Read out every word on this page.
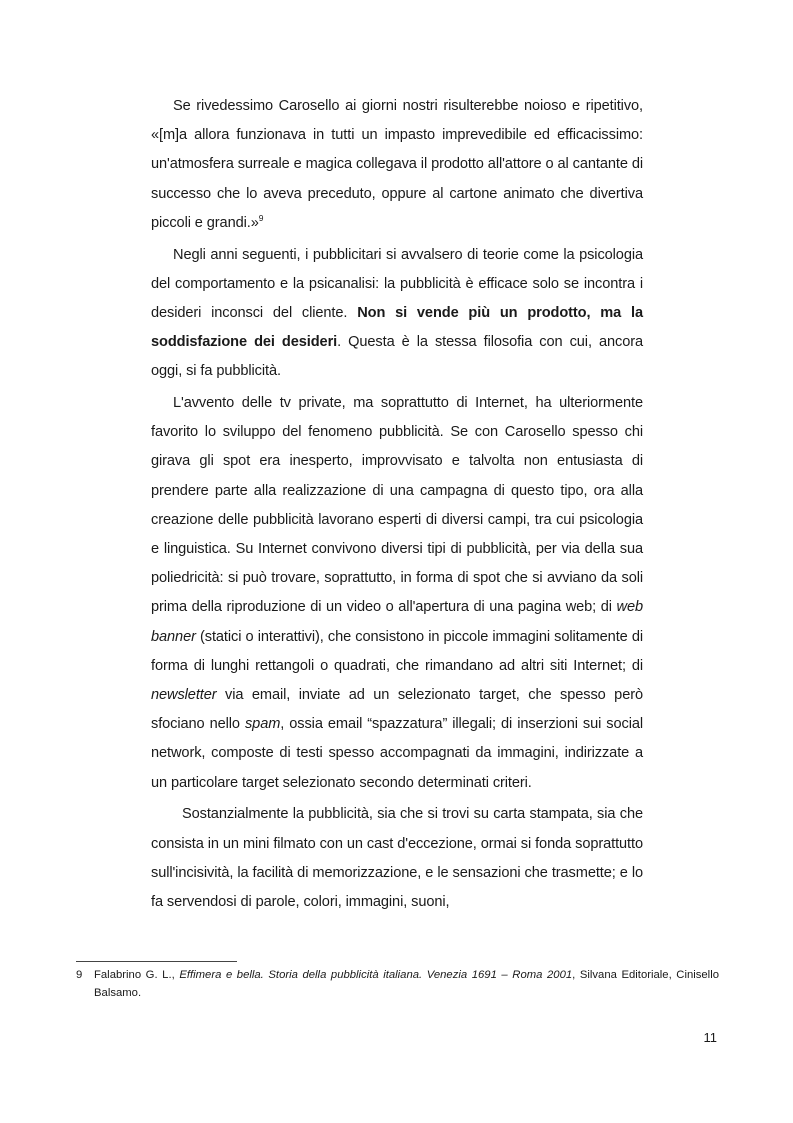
Se rivedessimo Carosello ai giorni nostri risulterebbe noioso e ripetitivo, «[m]a allora funzionava in tutti un impasto imprevedibile ed efficacissimo: un'atmosfera surreale e magica collegava il prodotto all'attore o al cantante di successo che lo aveva preceduto, oppure al cartone animato che divertiva piccoli e grandi.»$^9$

Negli anni seguenti, i pubblicitari si avvalsero di teorie come la psicologia del comportamento e la psicanalisi: la pubblicità è efficace solo se incontra i desideri inconsci del cliente. Non si vende più un prodotto, ma la soddisfazione dei desideri. Questa è la stessa filosofia con cui, ancora oggi, si fa pubblicità.

L'avvento delle tv private, ma soprattutto di Internet, ha ulteriormente favorito lo sviluppo del fenomeno pubblicità. Se con Carosello spesso chi girava gli spot era inesperto, improvvisato e talvolta non entusiasta di prendere parte alla realizzazione di una campagna di questo tipo, ora alla creazione delle pubblicità lavorano esperti di diversi campi, tra cui psicologia e linguistica. Su Internet convivono diversi tipi di pubblicità, per via della sua poliedricità: si può trovare, soprattutto, in forma di spot che si avviano da soli prima della riproduzione di un video o all'apertura di una pagina web; di web banner (statici o interattivi), che consistono in piccole immagini solitamente di forma di lunghi rettangoli o quadrati, che rimandano ad altri siti Internet; di newsletter via email, inviate ad un selezionato target, che spesso però sfociano nello spam, ossia email “spazzatura” illegali; di inserzioni sui social network, composte di testi spesso accompagnati da immagini, indirizzate a un particolare target selezionato secondo determinati criteri.

Sostanzialmente la pubblicità, sia che si trovi su carta stampata, sia che consista in un mini filmato con un cast d'eccezione, ormai si fonda soprattutto sull'incisività, la facilità di memorizzazione, e le sensazioni che trasmette; e lo fa servendosi di parole, colori, immagini, suoni,

9	Falabrino G. L., Effimera e bella. Storia della pubblicità italiana. Venezia 1691 – Roma 2001, Silvana Editoriale, Cinisello Balsamo.
11
